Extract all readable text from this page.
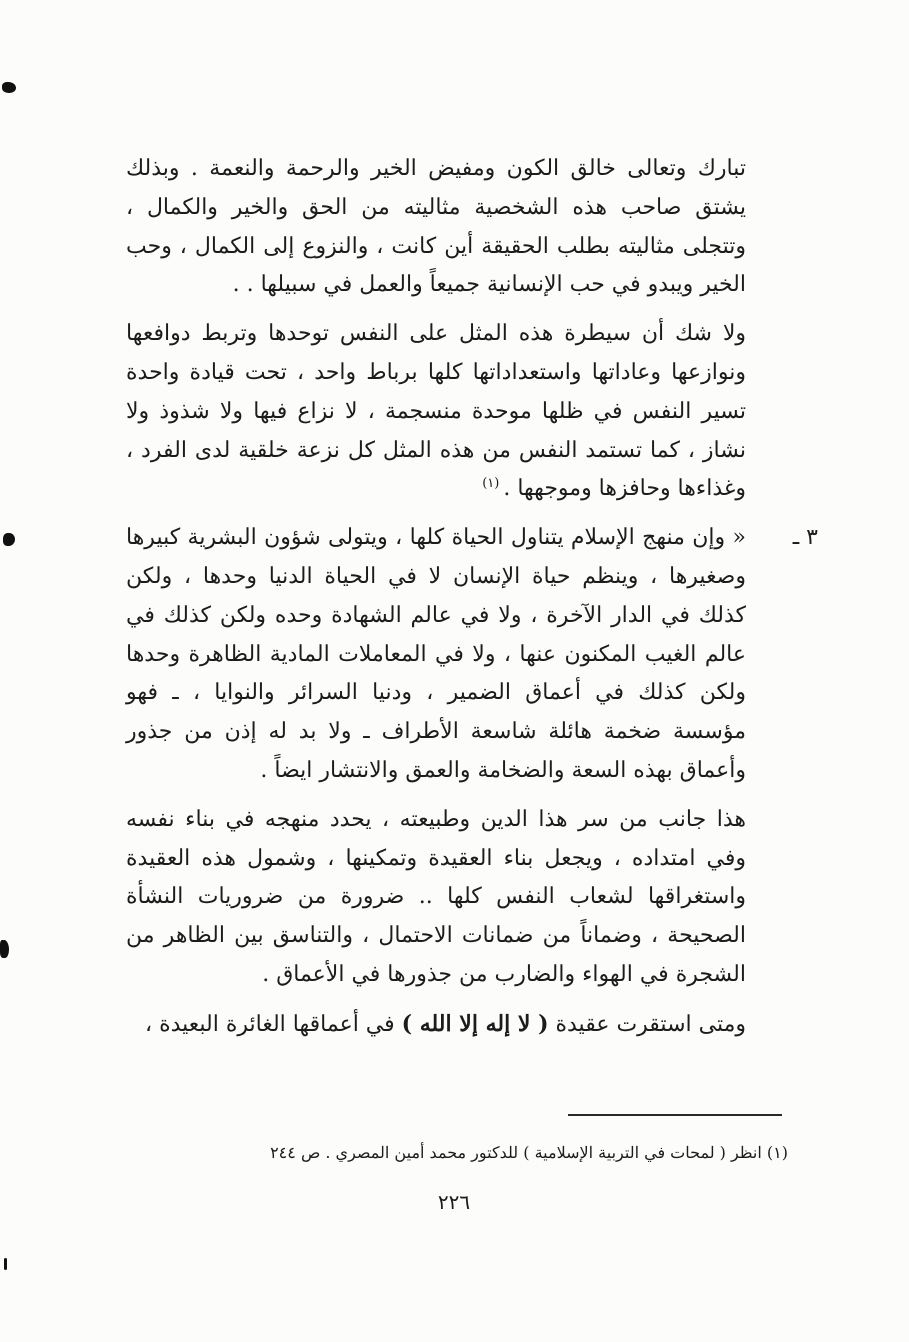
تبارك وتعالى خالق الكون ومفيض الخير والرحمة والنعمة . وبذلك يشتق صاحب هذه الشخصية مثاليته من الحق والخير والكمال ، وتتجلى مثاليته بطلب الحقيقة أين كانت ، والنزوع إلى الكمال ، وحب الخير ويبدو في حب الإنسانية جميعاً والعمل في سبيلها . .

ولا شك أن سيطرة هذه المثل على النفس توحدها وتربط دوافعها ونوازعها وعاداتها واستعداداتها كلها برباط واحد ، تحت قيادة واحدة تسير النفس في ظلها موحدة منسجمة ، لا نزاع فيها ولا شذوذ ولا نشاز ، كما تستمد النفس من هذه المثل كل نزعة خلقية لدى الفرد ، وغذاءها وحافزها وموجهها .$^{(١)}$

٣ ـ
« وإن منهج الإسلام يتناول الحياة كلها ، ويتولى شؤون البشرية كبيرها وصغيرها ، وينظم حياة الإنسان لا في الحياة الدنيا وحدها ، ولكن كذلك في الدار الآخرة ، ولا في عالم الشهادة وحده ولكن كذلك في عالم الغيب المكنون عنها ، ولا في المعاملات المادية الظاهرة وحدها ولكن كذلك في أعماق الضمير ، ودنيا السرائر والنوايا ، ـ فهو مؤسسة ضخمة هائلة شاسعة الأطراف ـ ولا بد له إذن من جذور وأعماق بهذه السعة والضخامة والعمق والانتشار ايضاً .

هذا جانب من سر هذا الدين وطبيعته ، يحدد منهجه في بناء نفسه وفي امتداده ، ويجعل بناء العقيدة وتمكينها ، وشمول هذه العقيدة واستغراقها لشعاب النفس كلها .. ضرورة من ضروريات النشأة الصحيحة ، وضماناً من ضمانات الاحتمال ، والتناسق بين الظاهر من الشجرة في الهواء والضارب من جذورها في الأعماق .

ومتى استقرت عقيدة ( لا إله إلا الله ) في أعماقها الغائرة البعيدة ،

(١) انظر ( لمحات في التربية الإسلامية ) للدكتور محمد أمين المصري . ص ٢٤٤
٢٢٦
